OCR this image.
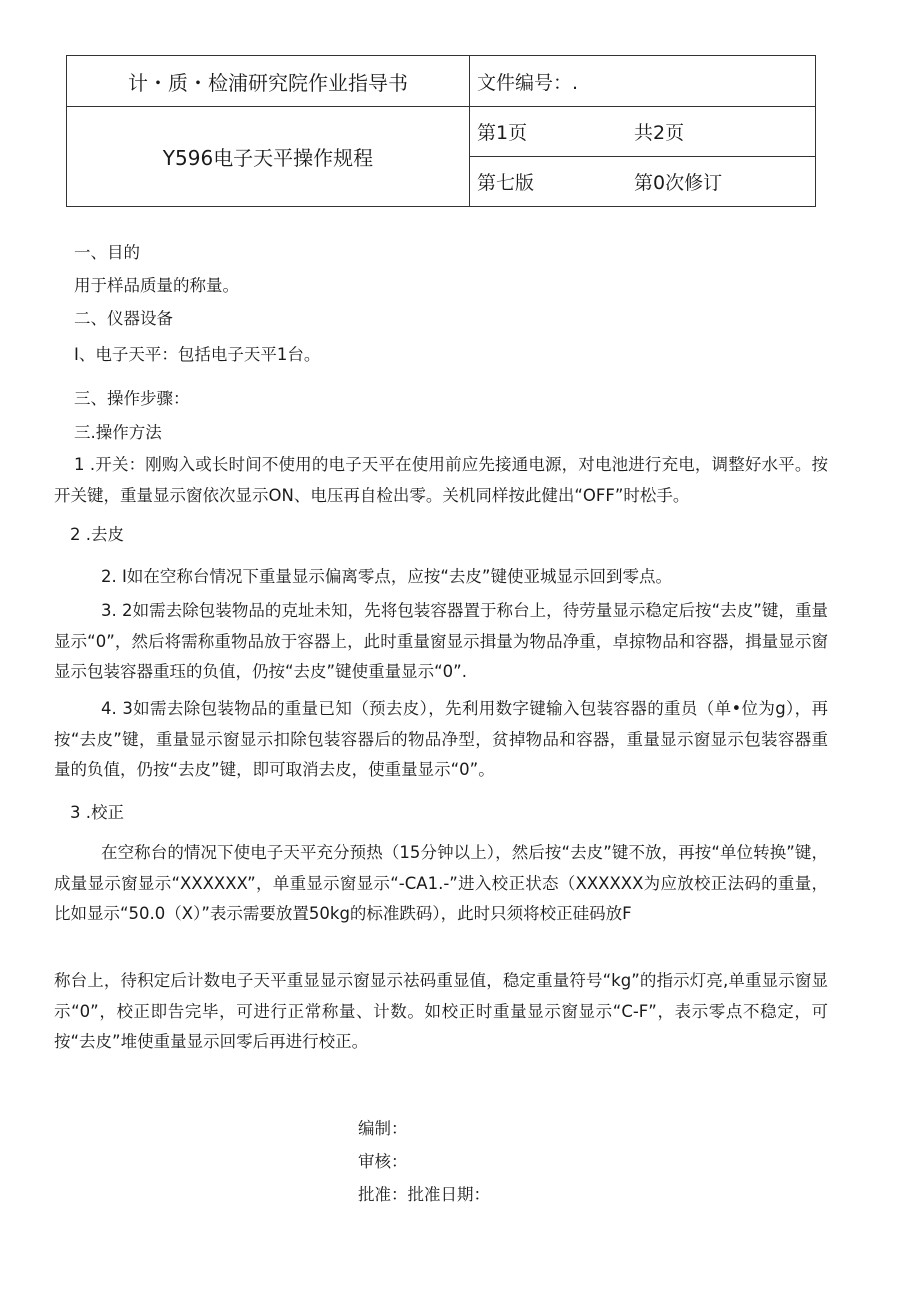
计・质・检浦研究院作业指导书	文件编号：.

Y596电子天平操作规程	第1页 共2页

	第七版 第0次修订
一、目的
用于样品质量的称量。
二、仪器设备
I、电子天平：包括电子天平1台。
三、操作步骤：
三.操作方法
1 .开关：刚购入或长时间不使用的电子天平在使用前应先接通电源，对电池进行充电，调整好水平。按开关键，重量显示窗依次显示ON、电压再自检出零。关机同样按此健出“OFF”时松手。
2 .去皮
2. I如在空称台情况下重量显示偏离零点，应按“去皮”键使亚城显示回到零点。
3. 2如需去除包装物品的克址未知，先将包装容器置于称台上，待劳量显示稳定后按“去皮”键，重量显示“0”，然后将需称重物品放于容器上，此时重量窗显示揖量为物品净重，卓掠物品和容器，揖量显示窗显示包装容器重珏的负值，仍按“去皮”键使重量显示“0”.
4. 3如需去除包装物品的重量已知（预去皮），先利用数字键输入包装容器的重员（单•位为g），再按“去皮”键，重量显示窗显示扣除包装容器后的物品净型，贫掉物品和容器，重量显示窗显示包装容器重量的负值，仍按“去皮”键，即可取消去皮，使重量显示“0”。
3 .校正
在空称台的情况下使电子天平充分预热（15分钟以上），然后按“去皮”键不放，再按“单位转换”键，成量显示窗显示“XXXXXX”，单重显示窗显示“-CA1.-”进入校正状态（XXXXXX为应放校正法码的重量，比如显示“50.0（X）”表示需要放置50kg的标准跌码），此时只须将校正硅码放F
称台上，待积定后计数电子天平重显显示窗显示祛码重显值，稳定重量符号“kg”的指示灯亮,单重显示窗显示“0”，校正即告完毕，可进行正常称量、计数。如校正时重量显示窗显示“C-F”，表示零点不稳定，可按“去皮”堆使重量显示回零后再进行校正。
编制：
审核：
批准：批准日期：
